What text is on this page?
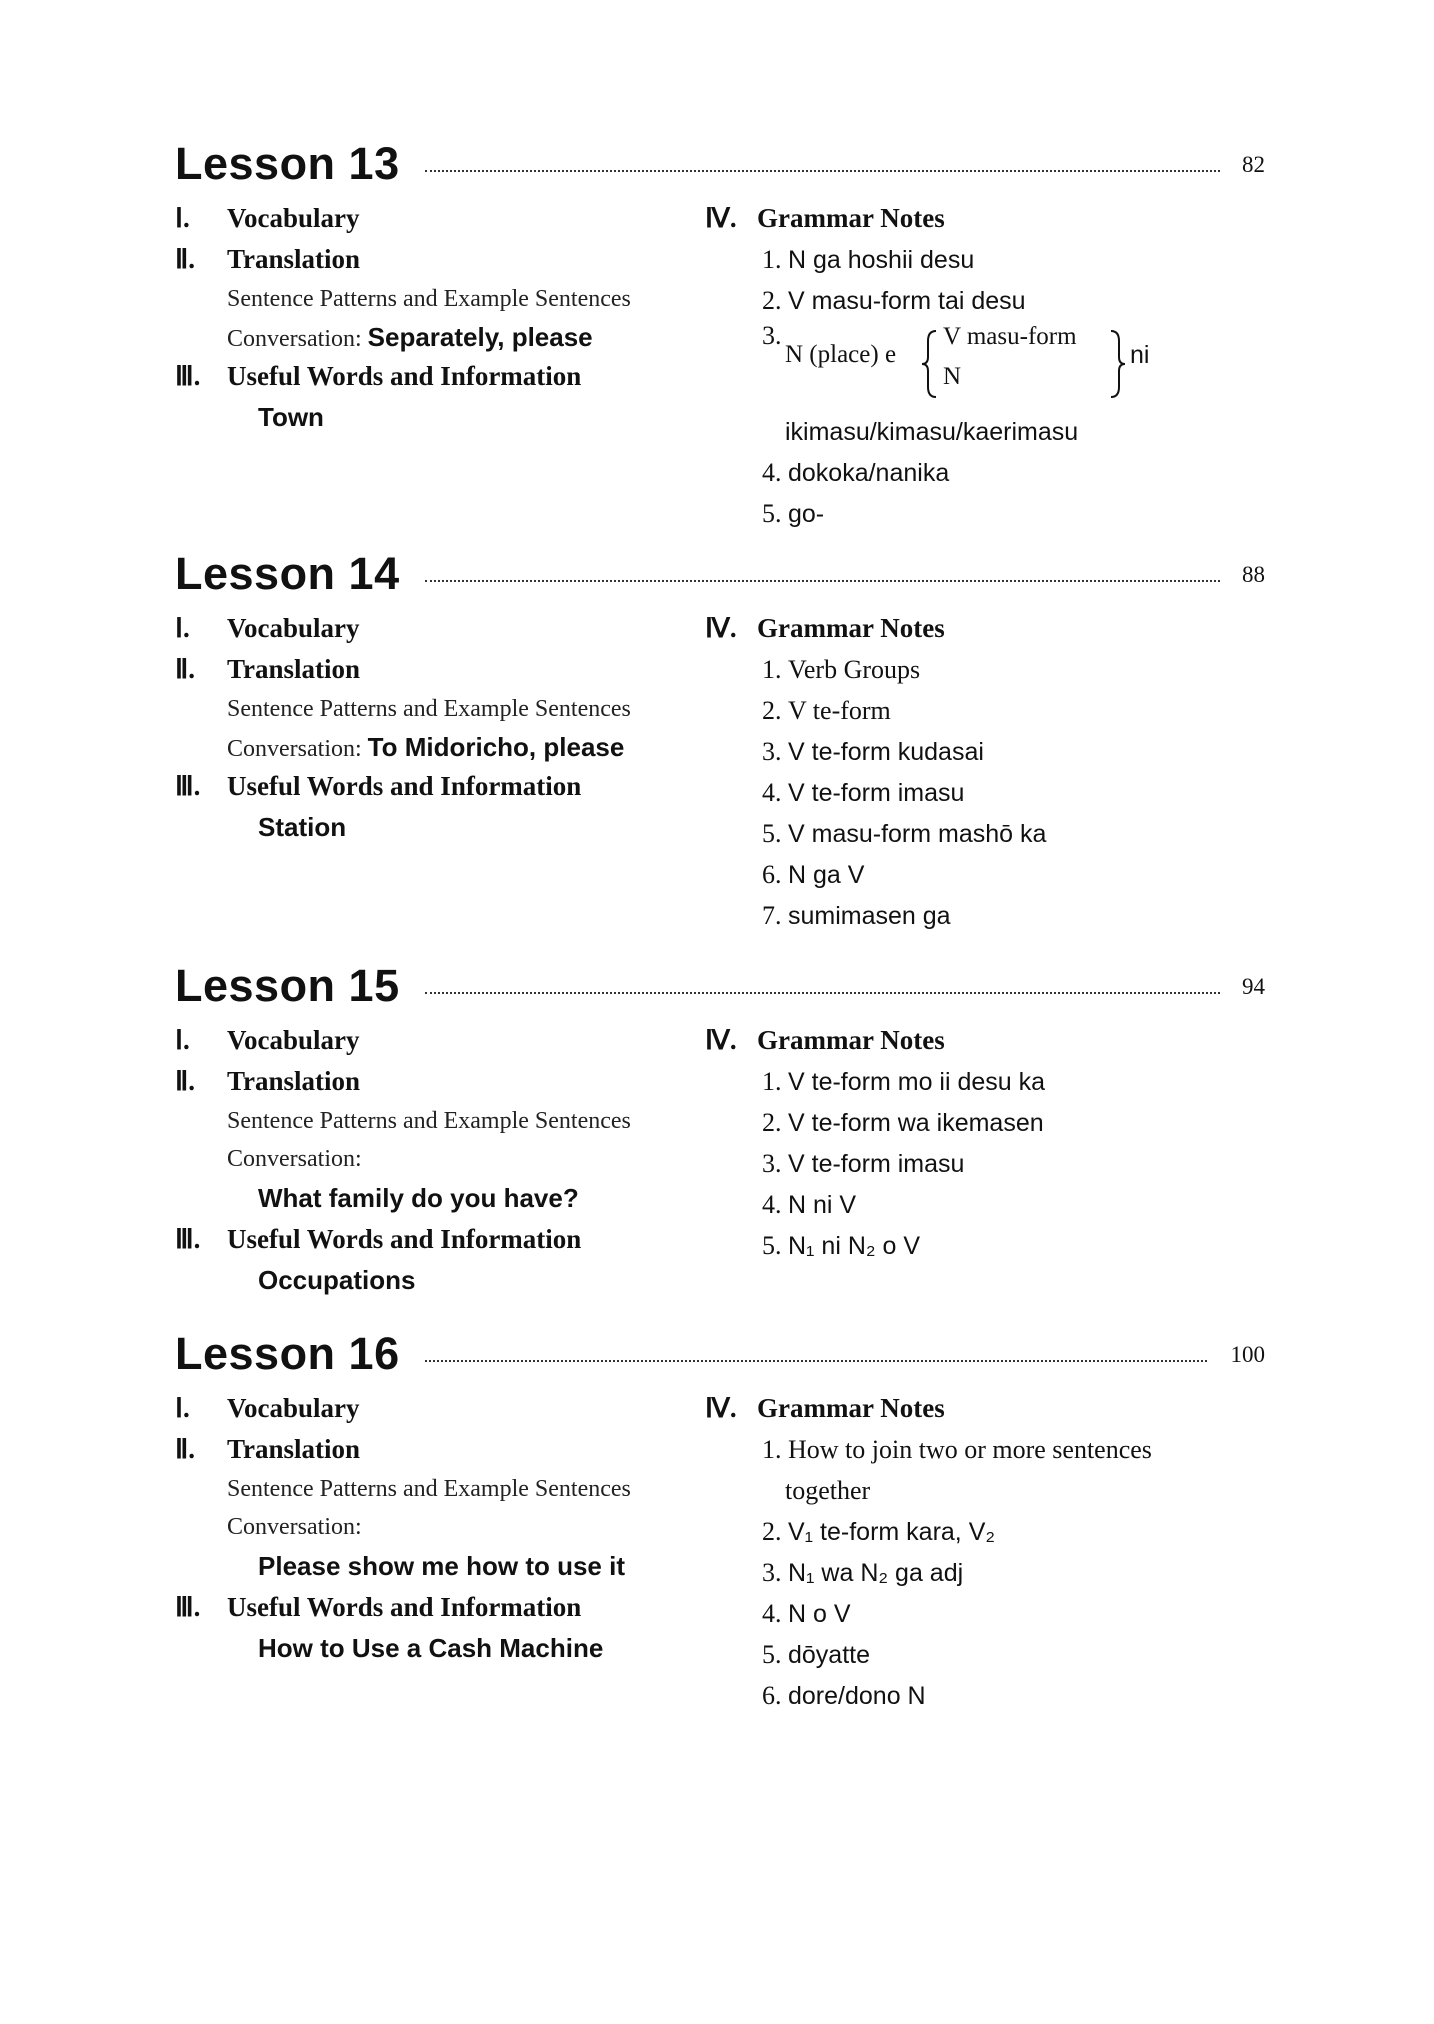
Lesson 13	82
Ⅰ. Vocabulary
Ⅱ. Translation
Sentence Patterns and Example Sentences
Conversation: Separately, please
Ⅲ. Useful Words and Information
Town
Ⅳ. Grammar Notes
1. N ga hoshii desu
2. V masu-form tai desu
3.
N (place) e
V masu-form
N
ni
ikimasu/kimasu/kaerimasu
4. dokoka/nanika
5. go-
Lesson 14	88
Ⅰ. Vocabulary
Ⅱ. Translation
Sentence Patterns and Example Sentences
Conversation: To Midoricho, please
Ⅲ. Useful Words and Information
Station
Ⅳ. Grammar Notes
1. Verb Groups
2. V te-form
3. V te-form kudasai
4. V te-form imasu
5. V masu-form mashō ka
6. N ga V
7. sumimasen ga
Lesson 15	94
Ⅰ. Vocabulary
Ⅱ. Translation
Sentence Patterns and Example Sentences
Conversation:
What family do you have?
Ⅲ. Useful Words and Information
Occupations
Ⅳ. Grammar Notes
1. V te-form mo ii desu ka
2. V te-form wa ikemasen
3. V te-form imasu
4. N ni V
5. N₁ ni N₂ o V
Lesson 16	100
Ⅰ. Vocabulary
Ⅱ. Translation
Sentence Patterns and Example Sentences
Conversation:
Please show me how to use it
Ⅲ. Useful Words and Information
How to Use a Cash Machine
Ⅳ. Grammar Notes
1. How to join two or more sentences
together
2. V₁ te-form kara, V₂
3. N₁ wa N₂ ga adj
4. N o V
5. dōyatte
6. dore/dono N
